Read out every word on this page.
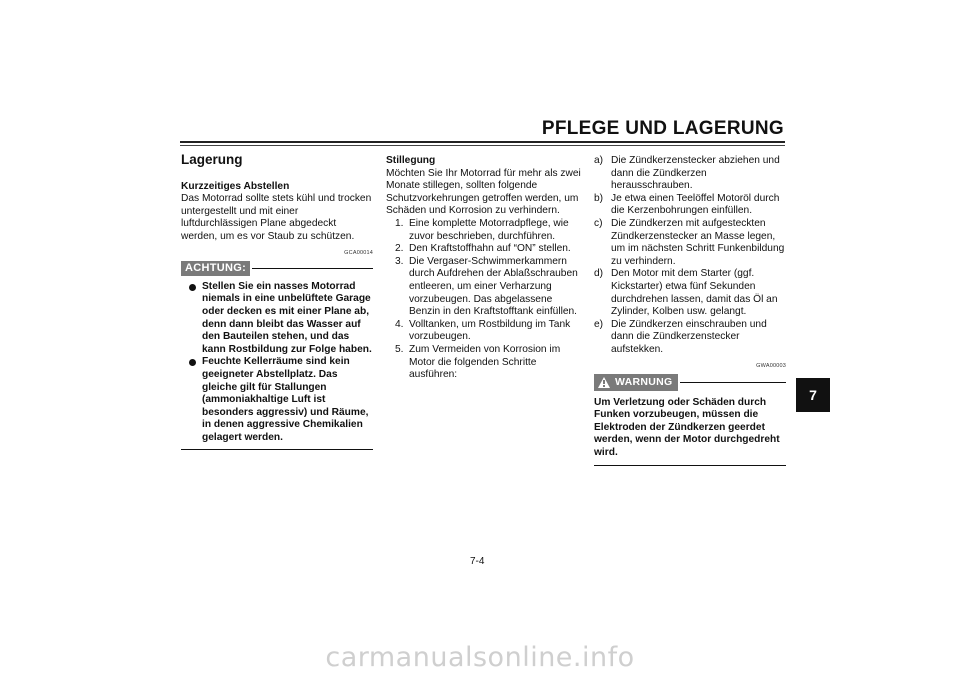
PFLEGE UND LAGERUNG
7
Lagerung

Kurzzeitiges Abstellen

Das Motorrad sollte stets kühl und trocken untergestellt und mit einer luftdurchlässigen Plane abgedeckt werden, um es vor Staub zu schützen.

GCA00014
ACHTUNG:
Stellen Sie ein nasses Motorrad niemals in eine unbelüftete Garage oder decken es mit einer Plane ab, denn dann bleibt das Wasser auf den Bauteilen stehen, und das kann Rostbildung zur Folge haben.
Feuchte Kellerräume sind kein geeigneter Abstellplatz. Das gleiche gilt für Stallungen (ammoniakhaltige Luft ist besonders aggressiv) und Räume, in denen aggressive Chemikalien gelagert werden.

Stillegung

Möchten Sie Ihr Motorrad für mehr als zwei Monate stillegen, sollten folgende Schutzvorkehrungen getroffen werden, um Schäden und Korrosion zu verhindern.

1. Eine komplette Motorradpflege, wie zuvor beschrieben, durchführen.
2. Den Kraftstoffhahn auf “ON” stellen.
3. Die Vergaser-Schwimmerkammern durch Aufdrehen der Ablaßschrauben entleeren, um einer Verharzung vorzubeugen. Das abgelassene Benzin in den Kraftstofftank einfüllen.
4. Volltanken, um Rostbildung im Tank vorzubeugen.
5. Zum Vermeiden von Korrosion im Motor die folgenden Schritte ausführen:
a) Die Zündkerzenstecker abziehen und dann die Zündkerzen herausschrauben.
b) Je etwa einen Teelöffel Motoröl durch die Kerzenbohrungen einfüllen.
c) Die Zündkerzen mit aufgesteckten Zündkerzenstecker an Masse legen, um im nächsten Schritt Funkenbildung zu verhindern.
d) Den Motor mit dem Starter (ggf. Kickstarter) etwa fünf Sekunden durchdrehen lassen, damit das Öl an Zylinder, Kolben usw. gelangt.
e) Die Zündkerzen einschrauben und dann die Zündkerzenstecker aufstekken.
GWA00003
WARNUNG

Um Verletzung oder Schäden durch Funken vorzubeugen, müssen die Elektroden der Zündkerzen geerdet werden, wenn der Motor durchgedreht wird.

7-4
carmanualsonline.info
